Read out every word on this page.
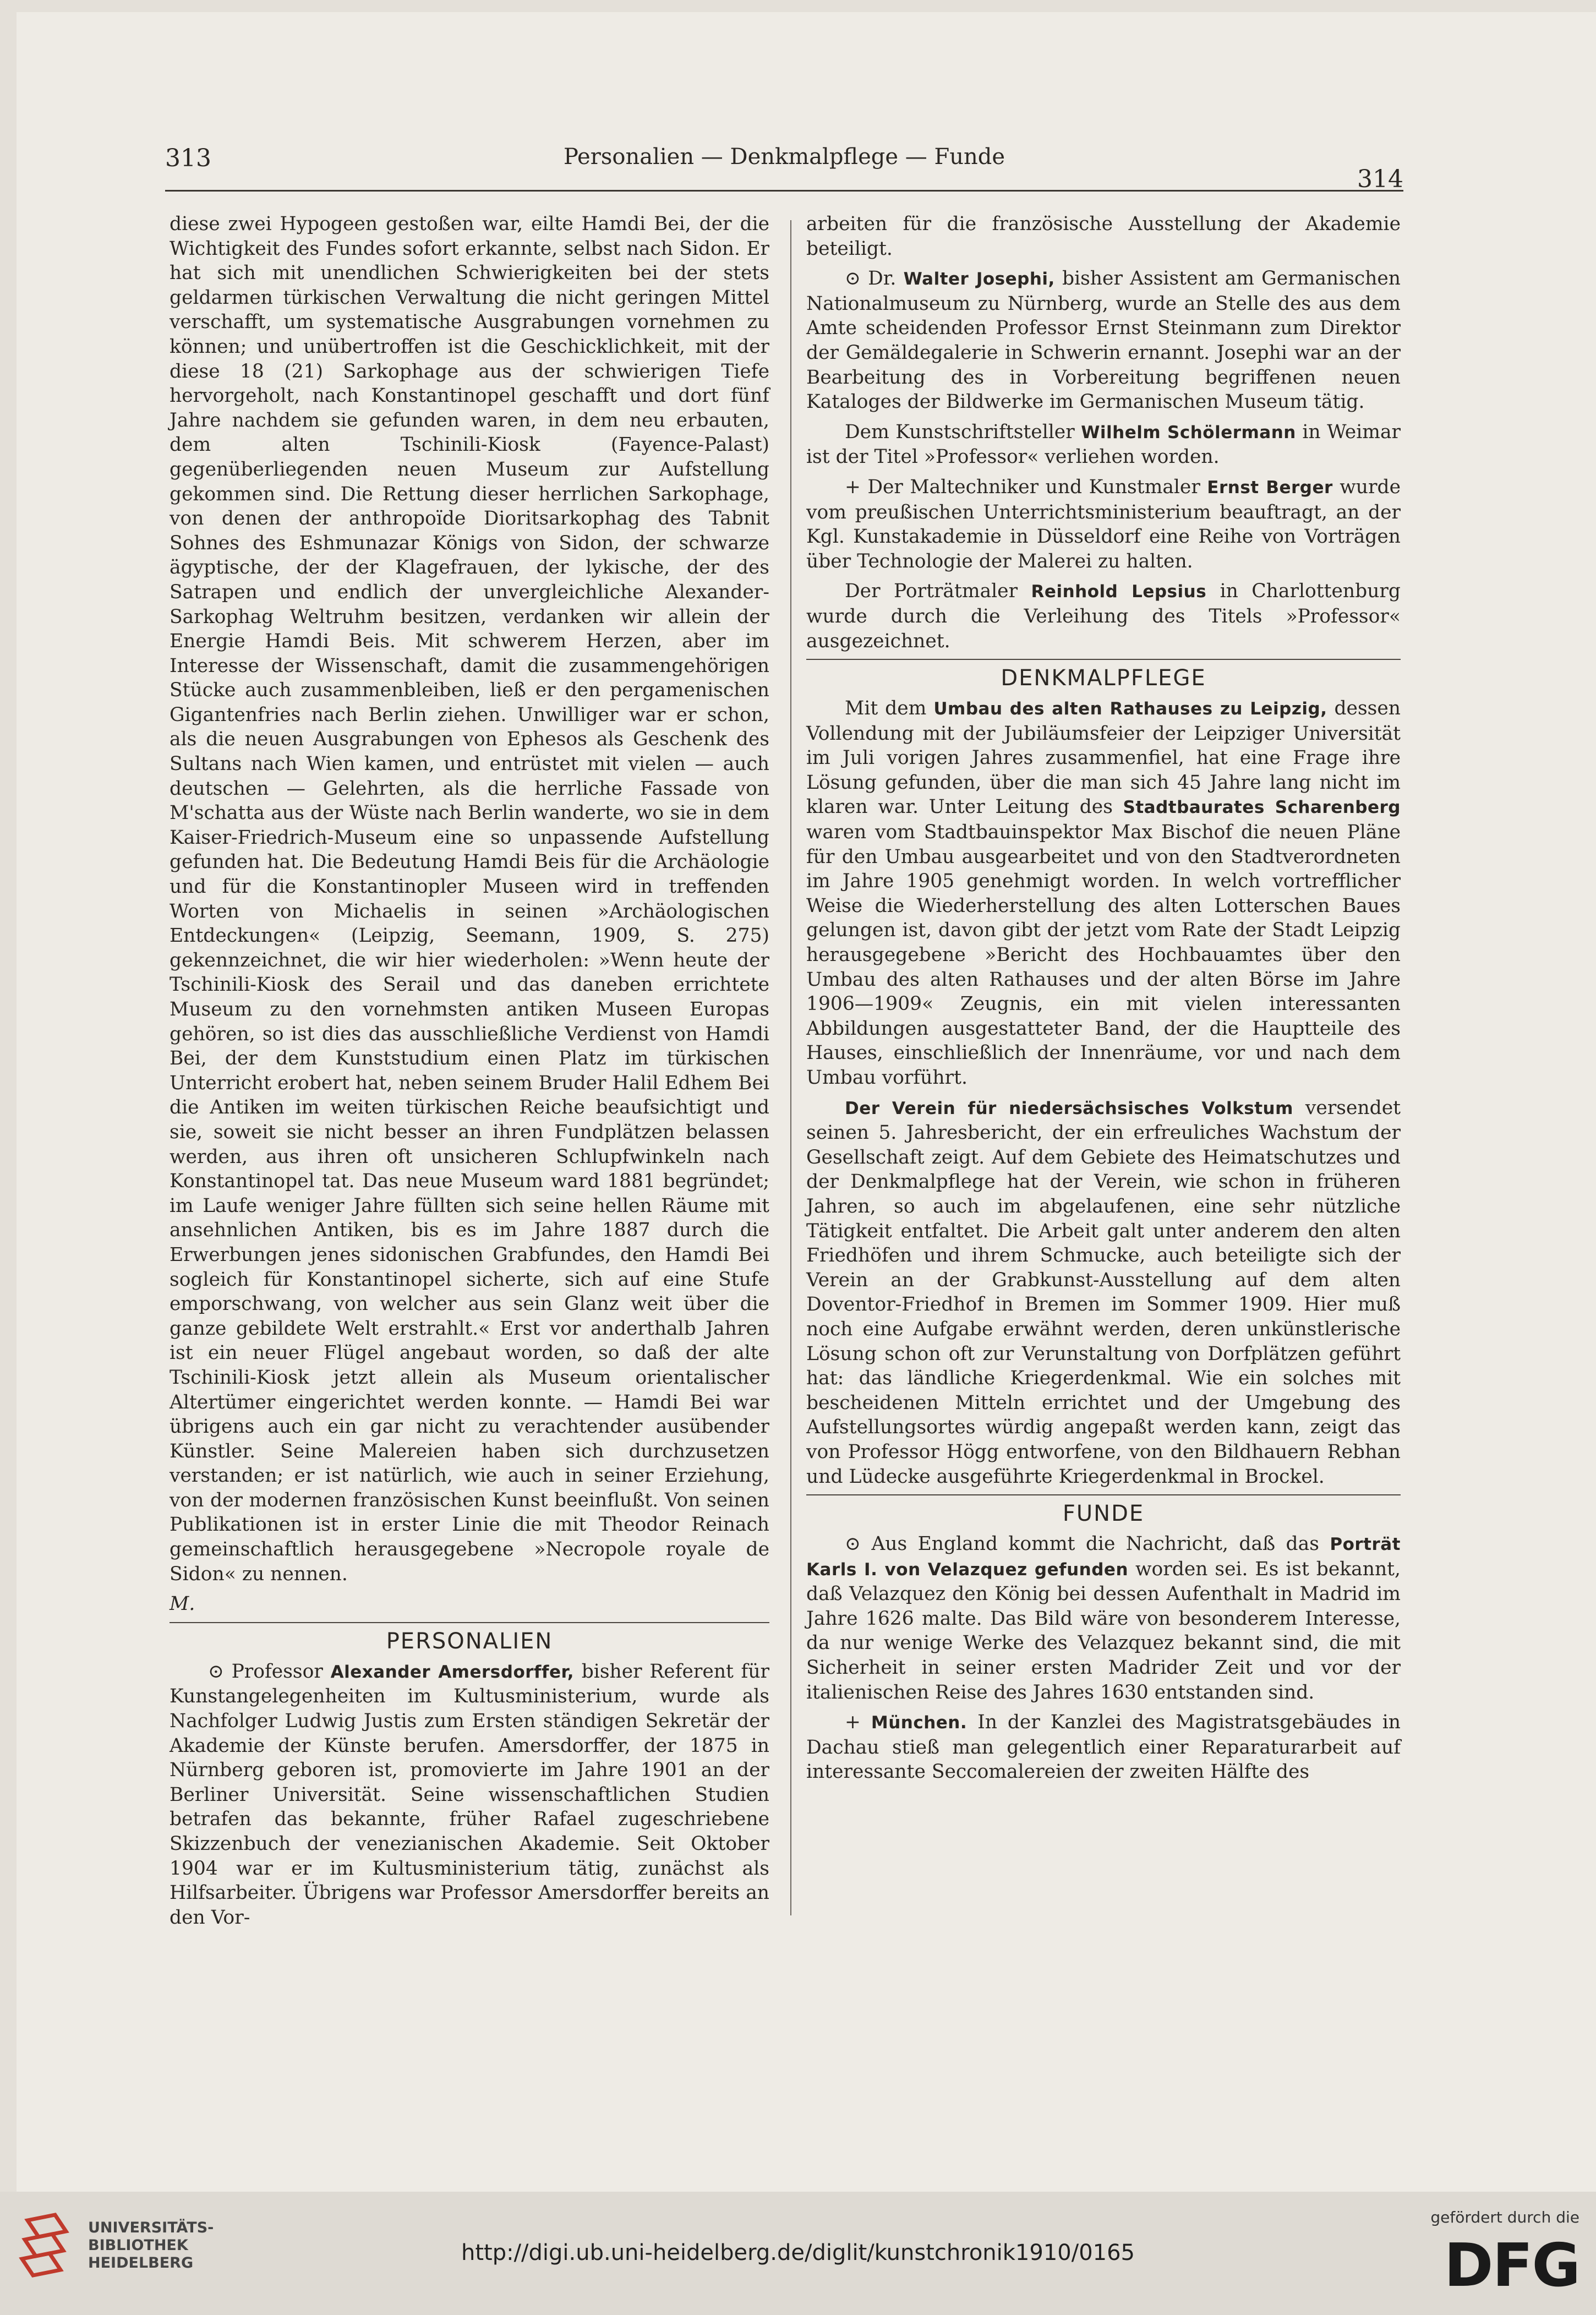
313	Personalien — Denkmalpflege — Funde
314

diese zwei Hypogeen gestoßen war, eilte Hamdi Bei, der die Wichtigkeit des Fundes sofort erkannte, selbst nach Sidon. Er hat sich mit unendlichen Schwierigkeiten bei der stets geldarmen türkischen Verwaltung die nicht geringen Mittel verschafft, um systematische Ausgrabungen vornehmen zu können; und unübertroffen ist die Geschicklichkeit, mit der diese 18 (21) Sarkophage aus der schwierigen Tiefe hervorgeholt, nach Konstantinopel geschafft und dort fünf Jahre nachdem sie gefunden waren, in dem neu erbauten, dem alten Tschinili-Kiosk (Fayence-Palast) gegenüberliegenden neuen Museum zur Aufstellung gekommen sind. Die Rettung dieser herrlichen Sarkophage, von denen der anthropoïde Dioritsarkophag des Tabnit Sohnes des Eshmunazar Königs von Sidon, der schwarze ägyptische, der der Klagefrauen, der lykische, der des Satrapen und endlich der unvergleichliche Alexander-Sarkophag Weltruhm besitzen, verdanken wir allein der Energie Hamdi Beis. Mit schwerem Herzen, aber im Interesse der Wissenschaft, damit die zusammengehörigen Stücke auch zusammenbleiben, ließ er den pergamenischen Gigantenfries nach Berlin ziehen. Unwilliger war er schon, als die neuen Ausgrabungen von Ephesos als Geschenk des Sultans nach Wien kamen, und entrüstet mit vielen — auch deutschen — Gelehrten, als die herrliche Fassade von M'schatta aus der Wüste nach Berlin wanderte, wo sie in dem Kaiser-Friedrich-Museum eine so unpassende Aufstellung gefunden hat. Die Bedeutung Hamdi Beis für die Archäologie und für die Konstantinopler Museen wird in treffenden Worten von Michaelis in seinen »Archäologischen Entdeckungen« (Leipzig, Seemann, 1909, S. 275) gekennzeichnet, die wir hier wiederholen: »Wenn heute der Tschinili-Kiosk des Serail und das daneben errichtete Museum zu den vornehmsten antiken Museen Europas gehören, so ist dies das ausschließliche Verdienst von Hamdi Bei, der dem Kunststudium einen Platz im türkischen Unterricht erobert hat, neben seinem Bruder Halil Edhem Bei die Antiken im weiten türkischen Reiche beaufsichtigt und sie, soweit sie nicht besser an ihren Fundplätzen belassen werden, aus ihren oft unsicheren Schlupfwinkeln nach Konstantinopel tat. Das neue Museum ward 1881 begründet; im Laufe weniger Jahre füllten sich seine hellen Räume mit ansehnlichen Antiken, bis es im Jahre 1887 durch die Erwerbungen jenes sidonischen Grabfundes, den Hamdi Bei sogleich für Konstantinopel sicherte, sich auf eine Stufe emporschwang, von welcher aus sein Glanz weit über die ganze gebildete Welt erstrahlt.« Erst vor anderthalb Jahren ist ein neuer Flügel angebaut worden, so daß der alte Tschinili-Kiosk jetzt allein als Museum orientalischer Altertümer eingerichtet werden konnte. — Hamdi Bei war übrigens auch ein gar nicht zu verachtender ausübender Künstler. Seine Malereien haben sich durchzusetzen verstanden; er ist natürlich, wie auch in seiner Erziehung, von der modernen französischen Kunst beeinflußt. Von seinen Publikationen ist in erster Linie die mit Theodor Reinach gemeinschaftlich herausgegebene »Necropole royale de Sidon« zu nennen.

M.

PERSONALIEN

⊙ Professor Alexander Amersdorffer, bisher Referent für Kunstangelegenheiten im Kultusministerium, wurde als Nachfolger Ludwig Justis zum Ersten ständigen Sekretär der Akademie der Künste berufen. Amersdorffer, der 1875 in Nürnberg geboren ist, promovierte im Jahre 1901 an der Berliner Universität. Seine wissenschaftlichen Studien betrafen das bekannte, früher Rafael zugeschriebene Skizzenbuch der venezianischen Akademie. Seit Oktober 1904 war er im Kultusministerium tätig, zunächst als Hilfsarbeiter. Übrigens war Professor Amersdorffer bereits an den Vor-

arbeiten für die französische Ausstellung der Akademie beteiligt.

⊙ Dr. Walter Josephi, bisher Assistent am Germanischen Nationalmuseum zu Nürnberg, wurde an Stelle des aus dem Amte scheidenden Professor Ernst Steinmann zum Direktor der Gemäldegalerie in Schwerin ernannt. Josephi war an der Bearbeitung des in Vorbereitung begriffenen neuen Kataloges der Bildwerke im Germanischen Museum tätig.

Dem Kunstschriftsteller Wilhelm Schölermann in Weimar ist der Titel »Professor« verliehen worden.

+ Der Maltechniker und Kunstmaler Ernst Berger wurde vom preußischen Unterrichtsministerium beauftragt, an der Kgl. Kunstakademie in Düsseldorf eine Reihe von Vorträgen über Technologie der Malerei zu halten.

Der Porträtmaler Reinhold Lepsius in Charlottenburg wurde durch die Verleihung des Titels »Professor« ausgezeichnet.

DENKMALPFLEGE

Mit dem Umbau des alten Rathauses zu Leipzig, dessen Vollendung mit der Jubiläumsfeier der Leipziger Universität im Juli vorigen Jahres zusammenfiel, hat eine Frage ihre Lösung gefunden, über die man sich 45 Jahre lang nicht im klaren war. Unter Leitung des Stadtbaurates Scharenberg waren vom Stadtbauinspektor Max Bischof die neuen Pläne für den Umbau ausgearbeitet und von den Stadtverordneten im Jahre 1905 genehmigt worden. In welch vortrefflicher Weise die Wiederherstellung des alten Lotterschen Baues gelungen ist, davon gibt der jetzt vom Rate der Stadt Leipzig herausgegebene »Bericht des Hochbauamtes über den Umbau des alten Rathauses und der alten Börse im Jahre 1906—1909« Zeugnis, ein mit vielen interessanten Abbildungen ausgestatteter Band, der die Hauptteile des Hauses, einschließlich der Innenräume, vor und nach dem Umbau vorführt.

Der Verein für niedersächsisches Volkstum versendet seinen 5. Jahresbericht, der ein erfreuliches Wachstum der Gesellschaft zeigt. Auf dem Gebiete des Heimatschutzes und der Denkmalpflege hat der Verein, wie schon in früheren Jahren, so auch im abgelaufenen, eine sehr nützliche Tätigkeit entfaltet. Die Arbeit galt unter anderem den alten Friedhöfen und ihrem Schmucke, auch beteiligte sich der Verein an der Grabkunst-Ausstellung auf dem alten Doventor-Friedhof in Bremen im Sommer 1909. Hier muß noch eine Aufgabe erwähnt werden, deren unkünstlerische Lösung schon oft zur Verunstaltung von Dorfplätzen geführt hat: das ländliche Kriegerdenkmal. Wie ein solches mit bescheidenen Mitteln errichtet und der Umgebung des Aufstellungsortes würdig angepaßt werden kann, zeigt das von Professor Högg entworfene, von den Bildhauern Rebhan und Lüdecke ausgeführte Kriegerdenkmal in Brockel.

FUNDE

⊙ Aus England kommt die Nachricht, daß das Porträt Karls I. von Velazquez gefunden worden sei. Es ist bekannt, daß Velazquez den König bei dessen Aufenthalt in Madrid im Jahre 1626 malte. Das Bild wäre von besonderem Interesse, da nur wenige Werke des Velazquez bekannt sind, die mit Sicherheit in seiner ersten Madrider Zeit und vor der italienischen Reise des Jahres 1630 entstanden sind.

+ München. In der Kanzlei des Magistratsgebäudes in Dachau stieß man gelegentlich einer Reparaturarbeit auf interessante Seccomalereien der zweiten Hälfte des

UNIVERSITÄTS-
BIBLIOTHEK
HEIDELBERG	http://digi.ub.uni-heidelberg.de/diglit/kunstchronik1910/0165
gefördert durch die
DFG
